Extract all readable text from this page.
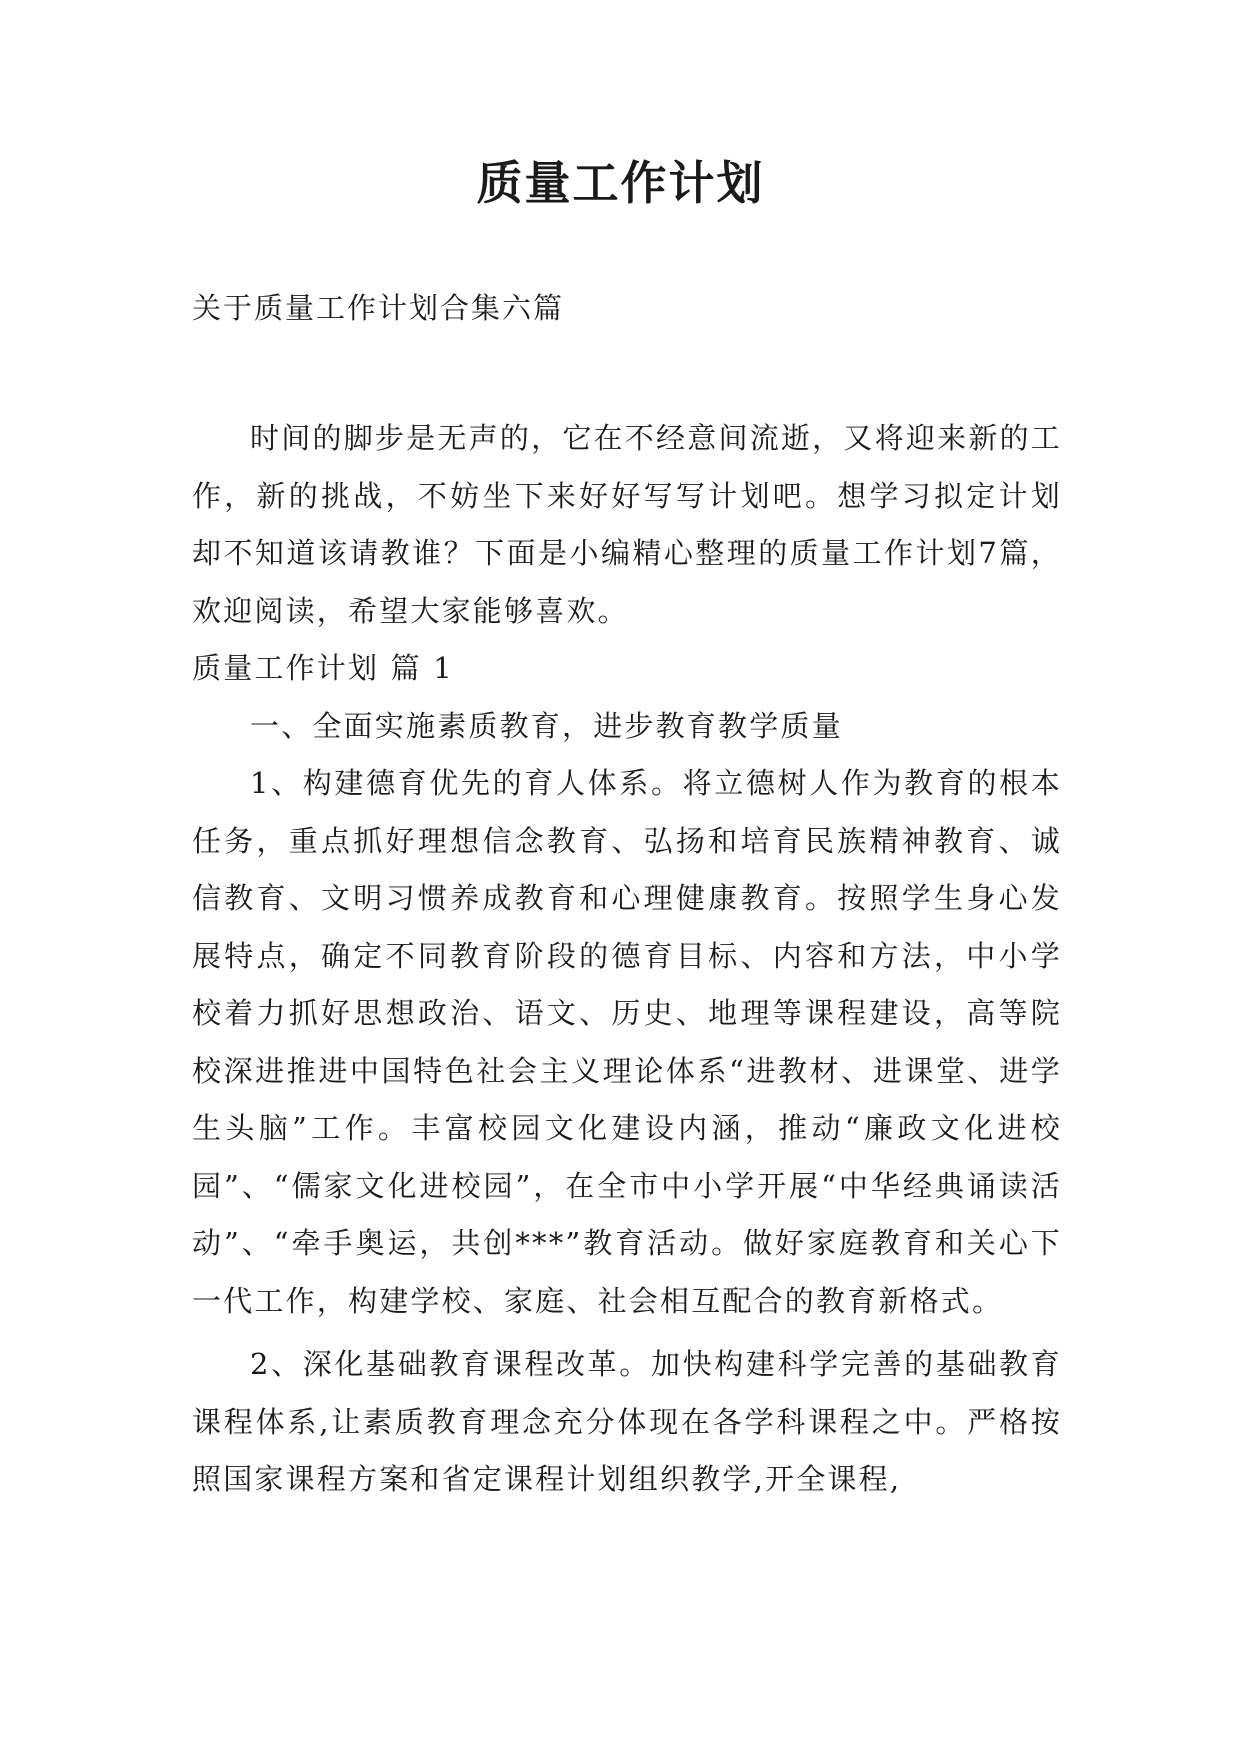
质量工作计划

关于质量工作计划合集六篇

时间的脚步是无声的，它在不经意间流逝，又将迎来新的工作，新的挑战，不妨坐下来好好写写计划吧。想学习拟定计划却不知道该请教谁？下面是小编精心整理的质量工作计划7篇，欢迎阅读，希望大家能够喜欢。

质量工作计划 篇 1

一、全面实施素质教育，进步教育教学质量

1、构建德育优先的育人体系。将立德树人作为教育的根本任务，重点抓好理想信念教育、弘扬和培育民族精神教育、诚信教育、文明习惯养成教育和心理健康教育。按照学生身心发展特点，确定不同教育阶段的德育目标、内容和方法，中小学校着力抓好思想政治、语文、历史、地理等课程建设，高等院校深进推进中国特色社会主义理论体系“进教材、进课堂、进学生头脑”工作。丰富校园文化建设内涵，推动“廉政文化进校园”、“儒家文化进校园”，在全市中小学开展“中华经典诵读活动”、“牵手奥运，共创***”教育活动。做好家庭教育和关心下一代工作，构建学校、家庭、社会相互配合的教育新格式。

2、深化基础教育课程改革。加快构建科学完善的基础教育课程体系,让素质教育理念充分体现在各学科课程之中。严格按照国家课程方案和省定课程计划组织教学,开全课程,
